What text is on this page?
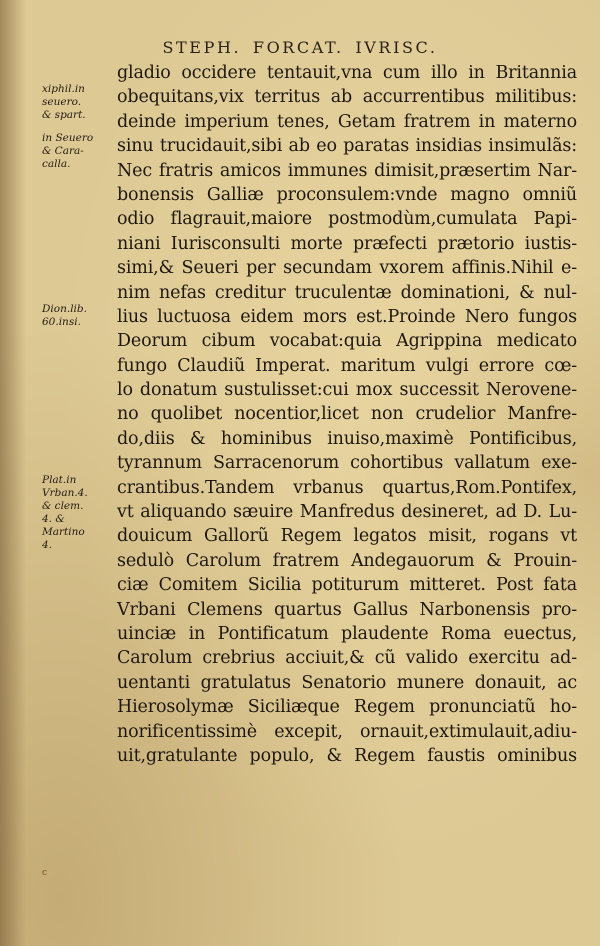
STEPH. FORCAT. IVRISC.
xiphil.in
seuero.
& spart.
in Seuero
& Cara-
calla.
Dion.lib.
60.insi.
Plat.in
Vrban.4.
& clem.
4. &
Martino
4.
gladio occidere tentauit,vna cum illo in Britannia
obequitans,vix territus ab accurrentibus militibus:
deinde imperium tenes, Getam fratrem in materno
sinu trucidauit,sibi ab eo paratas insidias insimulãs:
Nec fratris amicos immunes dimisit,præsertim Nar-
bonensis Galliæ proconsulem:vnde magno omniũ
odio flagrauit,maiore postmodùm,cumulata Papi-
niani Iurisconsulti morte præfecti prætorio iustis-
simi,& Seueri per secundam vxorem affinis.Nihil e-
nim nefas creditur truculentæ dominationi, & nul-
lius luctuosa eidem mors est.Proinde Nero fungos
Deorum cibum vocabat:quia Agrippina medicato
fungo Claudiũ Imperat. maritum vulgi errore cœ-
lo donatum sustulisset:cui mox successit Nerovene-
no quolibet nocentior,licet non crudelior Manfre-
do,diis & hominibus inuiso,maximè Pontificibus,
tyrannum Sarracenorum cohortibus vallatum exe-
crantibus.Tandem vrbanus quartus,Rom.Pontifex,
vt aliquando sæuire Manfredus desineret, ad D. Lu-
douicum Gallorũ Regem legatos misit, rogans vt
sedulò Carolum fratrem Andegauorum & Prouin-
ciæ Comitem Sicilia potiturum mitteret. Post fata
Vrbani Clemens quartus Gallus Narbonensis pro-
uinciæ in Pontificatum plaudente Roma euectus,
Carolum crebrius acciuit,& cũ valido exercitu ad-
uentanti gratulatus Senatorio munere donauit, ac
Hierosolymæ Siciliæque Regem pronunciatũ ho-
norificentissimè excepit, ornauit,extimulauit,adiu-
uit,gratulante populo, & Regem faustis ominibus
c
